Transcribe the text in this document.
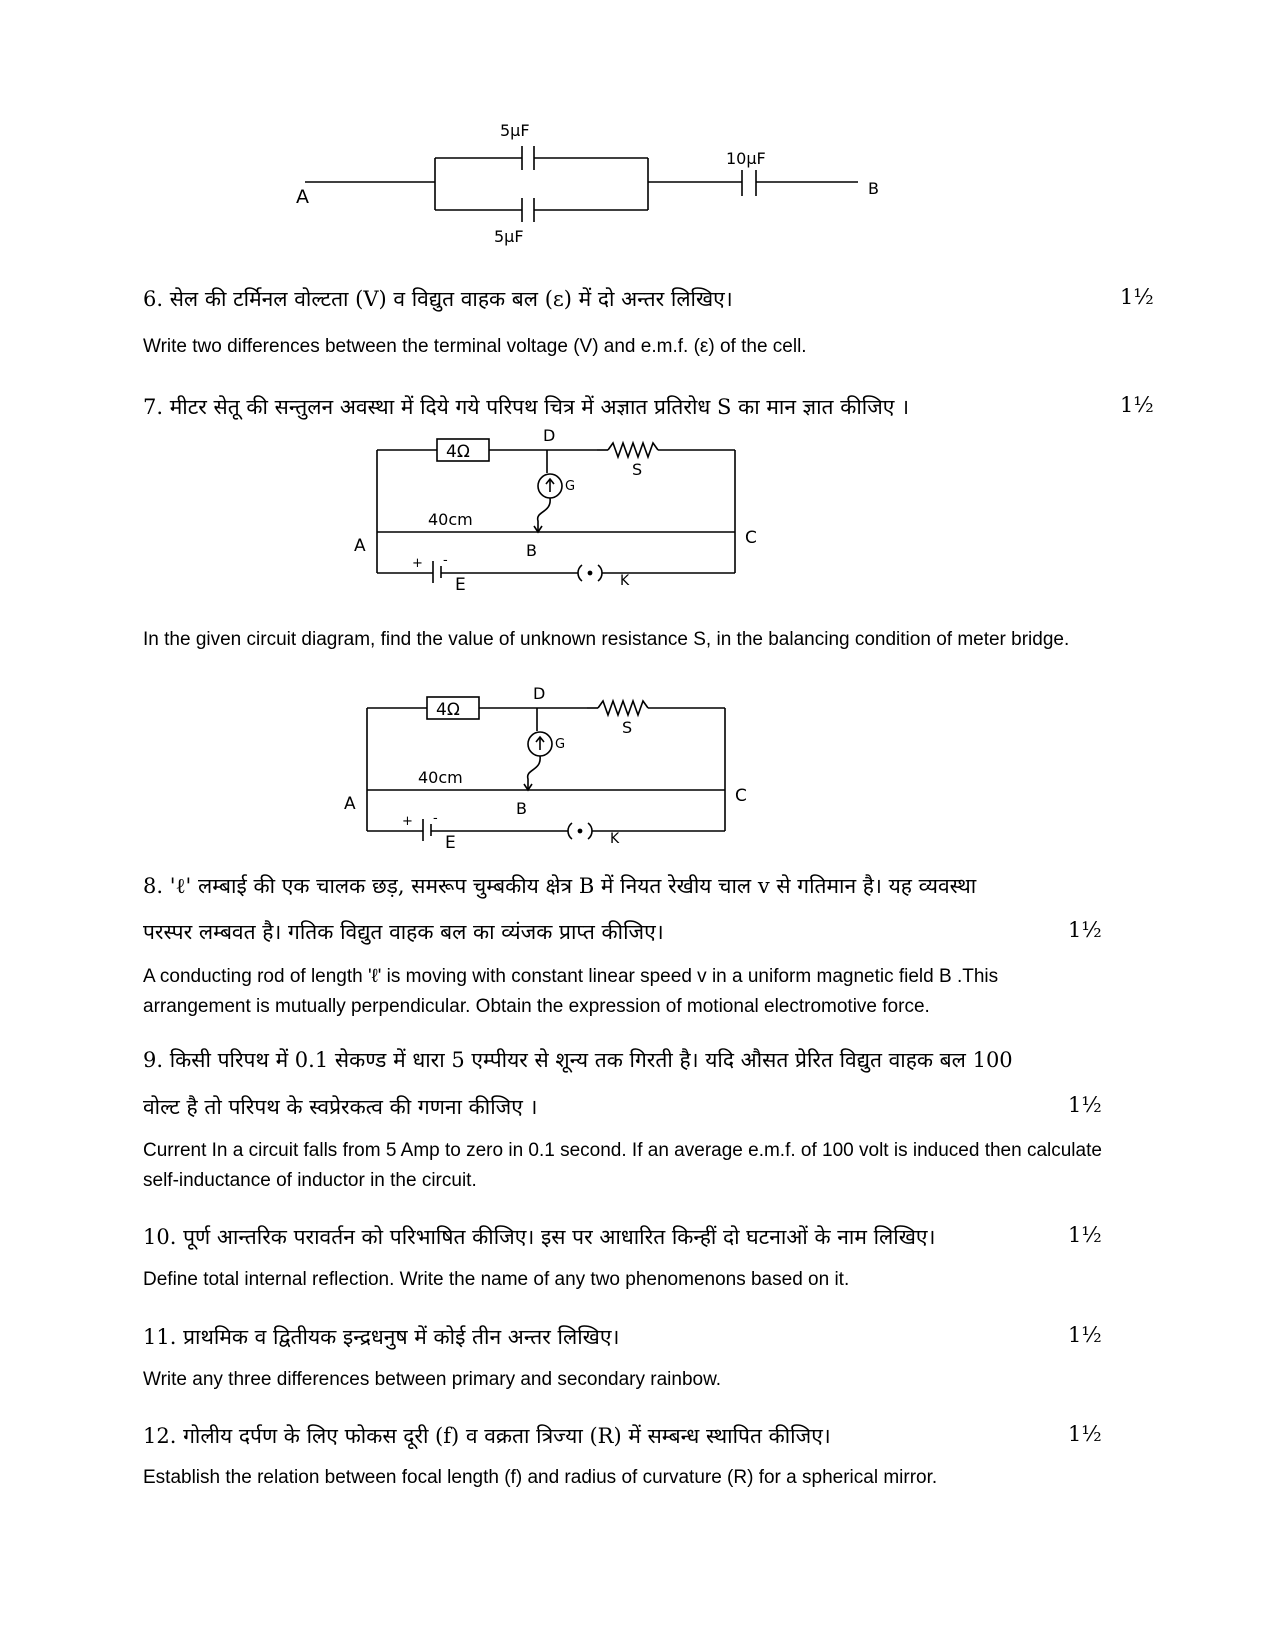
A	B
5μF
5μF
10μF
6. सेल की टर्मिनल वोल्टता (V) व विद्युत वाहक बल (ε) में दो अन्तर लिखिए।	1½
Write two differences between the terminal voltage (V) and e.m.f. (ε) of the cell.
7. मीटर सेतू की सन्तुलन अवस्था में दिये गये परिपथ चित्र में अज्ञात प्रतिरोध S का मान ज्ञात कीजिए ।	1½
4Ω
D
S
G
40cm
A	B
C
E	K
+ -
In the given circuit diagram, find the value of unknown resistance S, in the balancing condition of meter bridge.
4Ω
D
S
G
40cm
A	B
C
E	K
+ -
8. 'ℓ' लम्बाई की एक चालक छड़, समरूप चुम्बकीय क्षेत्र B में नियत रेखीय चाल v से गतिमान है। यह व्यवस्था
परस्पर लम्बवत है। गतिक विद्युत वाहक बल का व्यंजक प्राप्त कीजिए।	1½
A conducting rod of length 'ℓ' is moving with constant linear speed v in a uniform magnetic field B .This
arrangement is mutually perpendicular. Obtain the expression of motional electromotive force.
9. किसी परिपथ में 0.1 सेकण्ड में धारा 5 एम्पीयर से शून्य तक गिरती है। यदि औसत प्रेरित विद्युत वाहक बल 100
वोल्ट है तो परिपथ के स्वप्रेरकत्व की गणना कीजिए ।	1½
Current In a circuit falls from 5 Amp to zero in 0.1 second. If an average e.m.f. of 100 volt is induced then calculate
self-inductance of inductor in the circuit.
10. पूर्ण आन्तरिक परावर्तन को परिभाषित कीजिए। इस पर आधारित किन्हीं दो घटनाओं के नाम लिखिए।	1½
Define total internal reflection. Write the name of any two phenomenons based on it.
11. प्राथमिक व द्वितीयक इन्द्रधनुष में कोई तीन अन्तर लिखिए।	1½
Write any three differences between primary and secondary rainbow.
12. गोलीय दर्पण के लिए फोकस दूरी (f) व वक्रता त्रिज्या (R) में सम्बन्ध स्थापित कीजिए।	1½
Establish the relation between focal length (f) and radius of curvature (R) for a spherical mirror.
